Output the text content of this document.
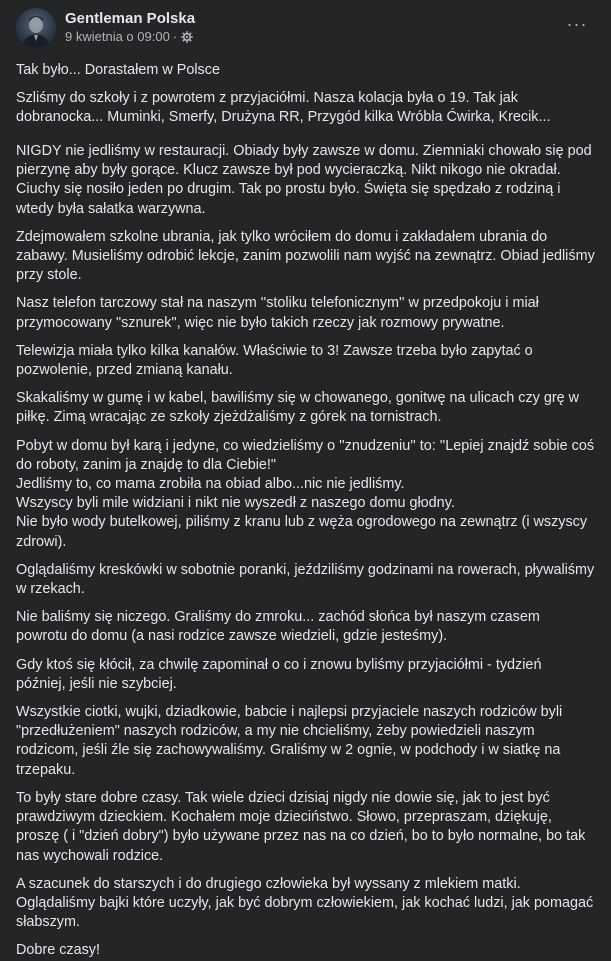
Gentleman Polska
9 kwietnia o 09:00 ·
···

Tak było... Dorastałem w Polsce

Szliśmy do szkoły i z powrotem z przyjaciółmi. Nasza kolacja była o 19. Tak jak dobranocka... Muminki, Smerfy, Drużyna RR, Przygód kilka Wróbla Ćwirka, Krecik...

NIGDY nie jedliśmy w restauracji. Obiady były zawsze w domu. Ziemniaki chowało się pod pierzynę aby były gorące. Klucz zawsze był pod wycieraczką. Nikt nikogo nie okradał. Ciuchy się nosiło jeden po drugim. Tak po prostu było. Święta się spędzało z rodziną i wtedy była sałatka warzywna.

Zdejmowałem szkolne ubrania, jak tylko wróciłem do domu i zakładałem ubrania do zabawy. Musieliśmy odrobić lekcje, zanim pozwolili nam wyjść na zewnątrz. Obiad jedliśmy przy stole.

Nasz telefon tarczowy stał na naszym ''stoliku telefonicznym'' w przedpokoju i miał przymocowany "sznurek", więc nie było takich rzeczy jak rozmowy prywatne.

Telewizja miała tylko kilka kanałów. Właściwie to 3! Zawsze trzeba było zapytać o pozwolenie, przed zmianą kanału.

Skakaliśmy w gumę i w kabel, bawiliśmy się w chowanego, gonitwę na ulicach czy grę w piłkę. Zimą wracając ze szkoły zjeżdżaliśmy z górek na tornistrach.

Pobyt w domu był karą i jedyne, co wiedzieliśmy o ''znudzeniu'' to: ''Lepiej znajdź sobie coś do roboty, zanim ja znajdę to dla Ciebie!"
Jedliśmy to, co mama zrobiła na obiad albo...nic nie jedliśmy.
Wszyscy byli mile widziani i nikt nie wyszedł z naszego domu głodny.
Nie było wody butelkowej, piliśmy z kranu lub z węża ogrodowego na zewnątrz (i wszyscy zdrowi).

Oglądaliśmy kreskówki w sobotnie poranki, jeździliśmy godzinami na rowerach, pływaliśmy w rzekach.

Nie baliśmy się niczego. Graliśmy do zmroku... zachód słońca był naszym czasem powrotu do domu (a nasi rodzice zawsze wiedzieli, gdzie jesteśmy).

Gdy ktoś się kłócił, za chwilę zapominał o co i znowu byliśmy przyjaciółmi - tydzień później, jeśli nie szybciej.

Wszystkie ciotki, wujki, dziadkowie, babcie i najlepsi przyjaciele naszych rodziców byli "przedłużeniem" naszych rodziców, a my nie chcieliśmy, żeby powiedzieli naszym rodzicom, jeśli źle się zachowywaliśmy. Graliśmy w 2 ognie, w podchody i w siatkę na trzepaku.

To były stare dobre czasy. Tak wiele dzieci dzisiaj nigdy nie dowie się, jak to jest być prawdziwym dzieckiem. Kochałem moje dzieciństwo. Słowo, przepraszam, dziękuję, proszę ( i "dzień dobry") było używane przez nas na co dzień, bo to było normalne, bo tak nas wychowali rodzice.

A szacunek do starszych i do drugiego człowieka był wyssany z mlekiem matki. Oglądaliśmy bajki które uczyły, jak być dobrym człowiekiem, jak kochać ludzi, jak pomagać słabszym.

Dobre czasy!
